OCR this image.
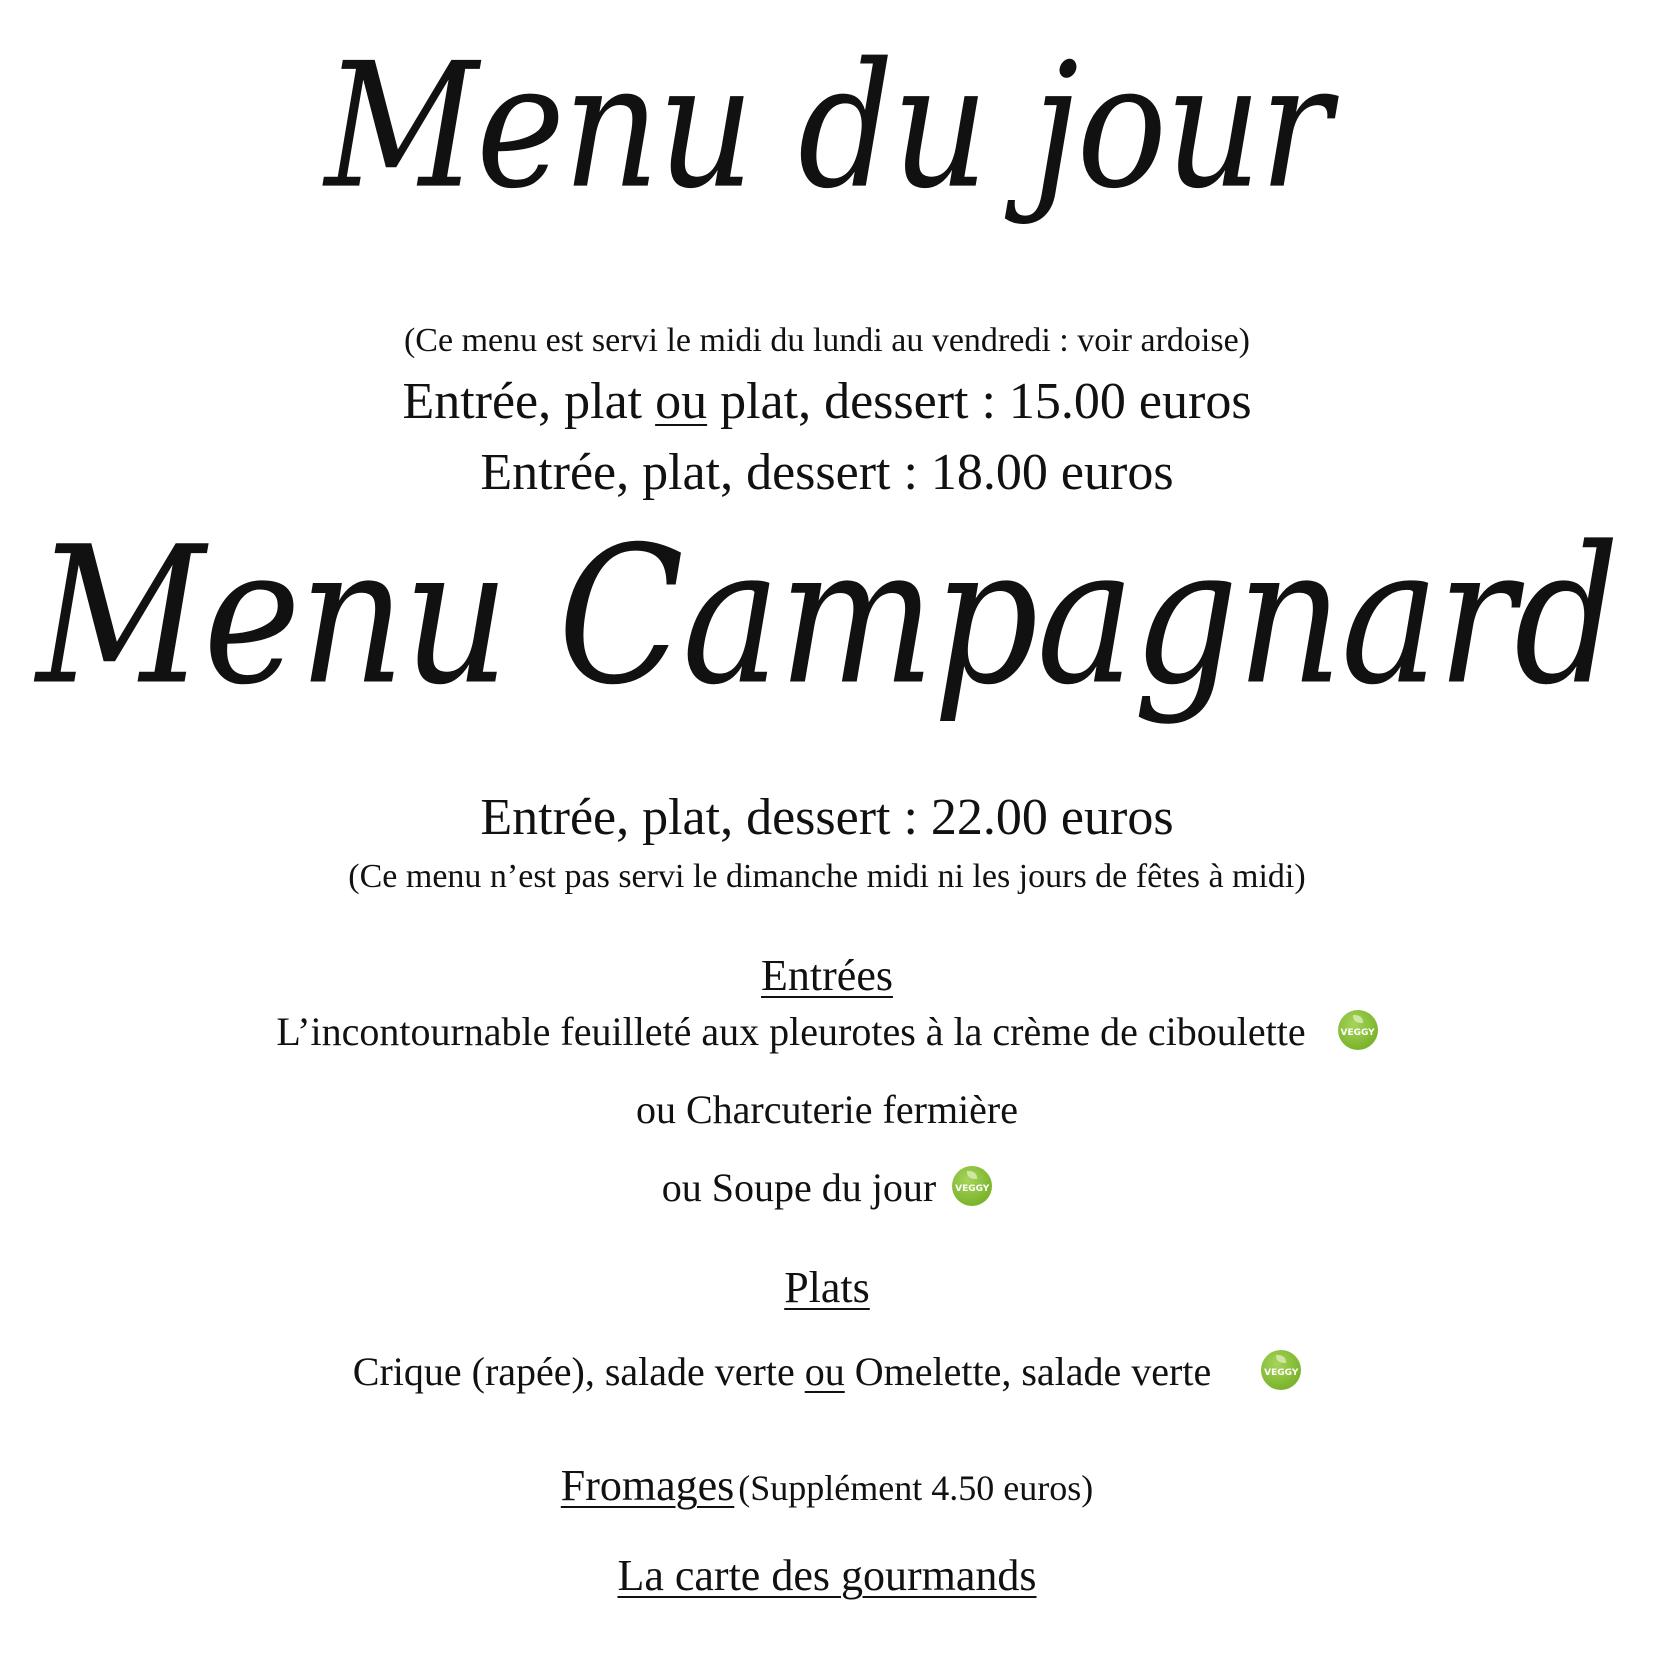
Menu du jour
(Ce menu est servi le midi du lundi au vendredi : voir ardoise)
Entrée, plat ou plat, dessert : 15.00 euros
Entrée, plat, dessert : 18.00 euros
Menu Campagnard
Entrée, plat, dessert : 22.00 euros
(Ce menu n’est pas servi le dimanche midi ni les jours de fêtes à midi)
Entrées
L’incontournable feuilleté aux pleurotes à la crème de ciboulette	VEGGY
ou Charcuterie fermière
ou Soupe du jour VEGGY
Plats
Crique (rapée), salade verte ou Omelette, salade verte	VEGGY
Fromages (Supplément 4.50 euros)
La carte des gourmands
